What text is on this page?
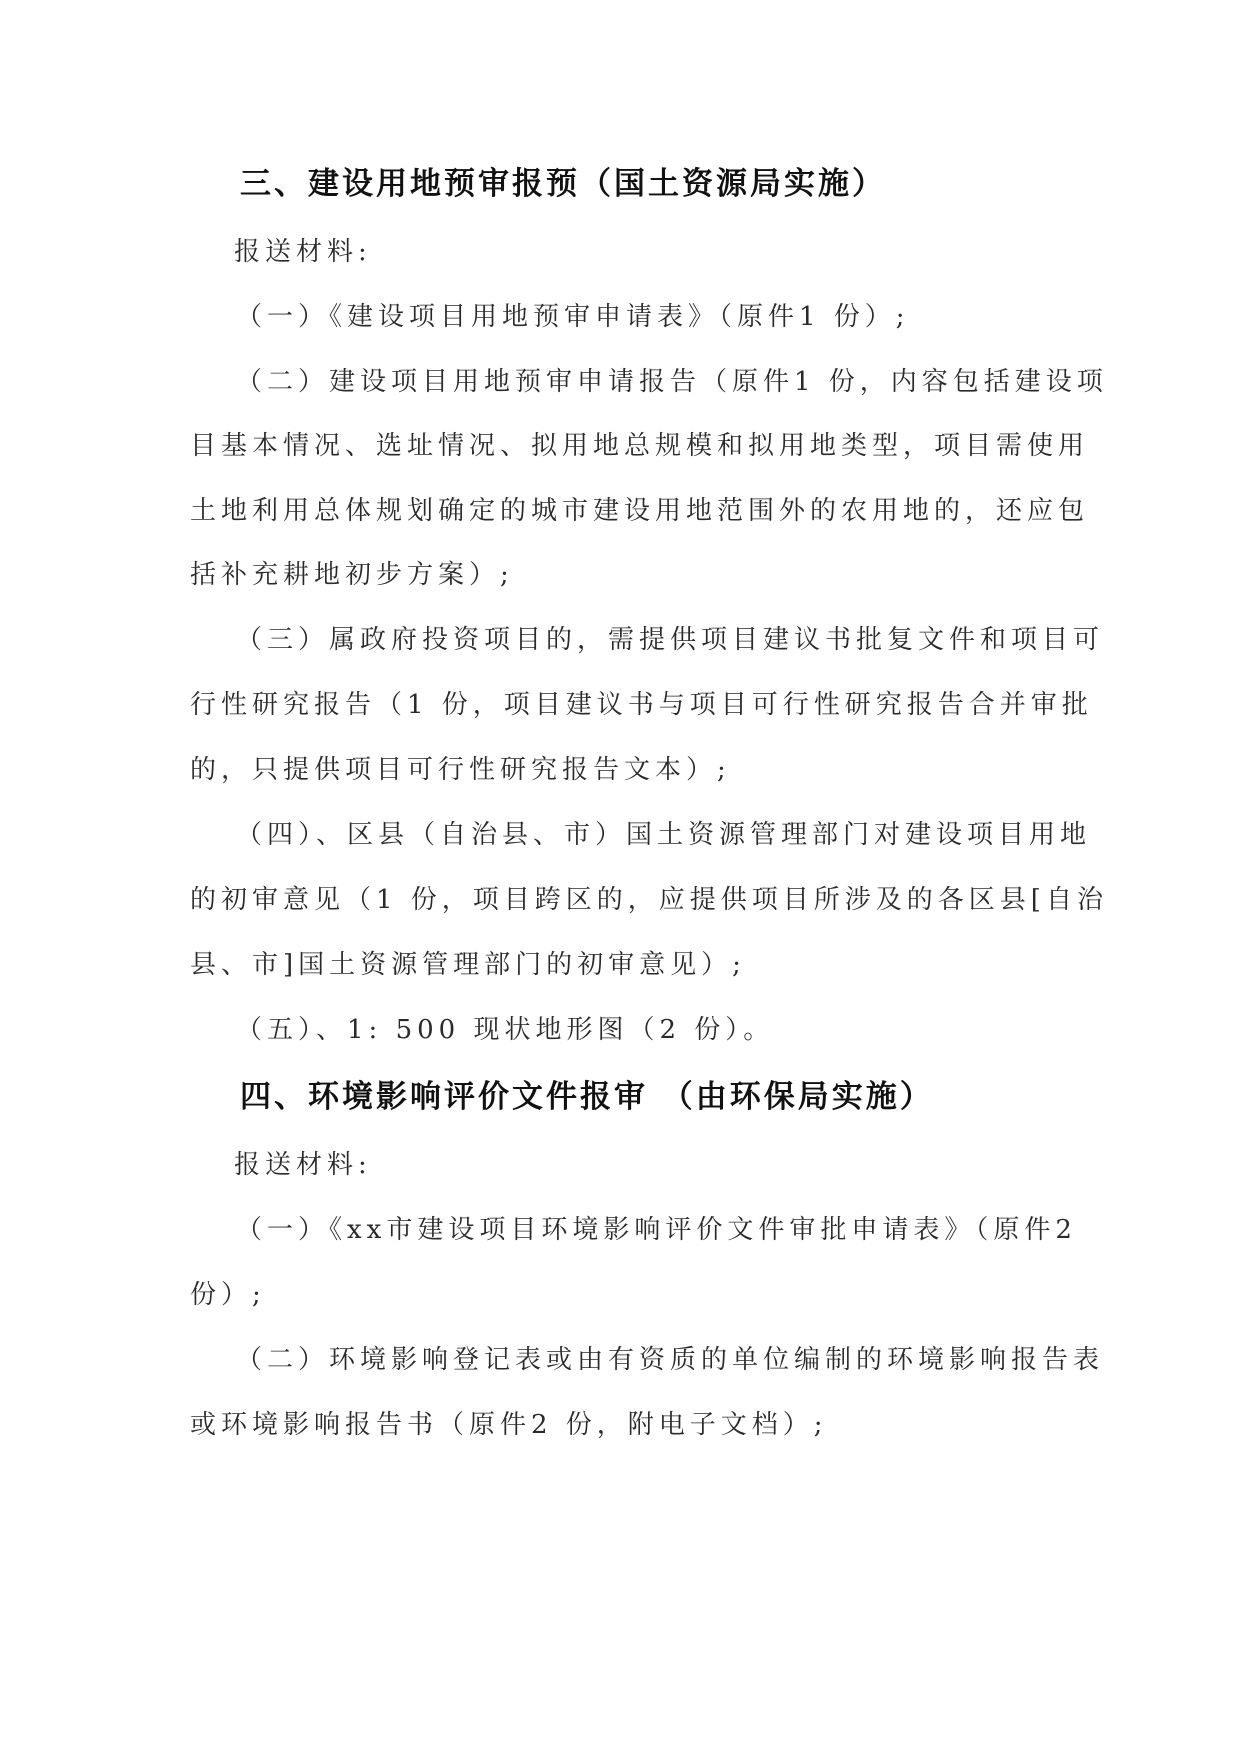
三、建设用地预审报预（国土资源局实施）
报送材料:
（一）《建设项目用地预审申请表》（原件1 份）;
（二）建设项目用地预审申请报告（原件1 份，内容包括建设项
目基本情况、选址情况、拟用地总规模和拟用地类型，项目需使用
土地利用总体规划确定的城市建设用地范围外的农用地的，还应包
括补充耕地初步方案）;
（三）属政府投资项目的，需提供项目建议书批复文件和项目可
行性研究报告（1 份，项目建议书与项目可行性研究报告合并审批
的，只提供项目可行性研究报告文本）;
（四）、区县（自治县、市）国土资源管理部门对建设项目用地
的初审意见（1 份，项目跨区的，应提供项目所涉及的各区县[自治
县、市]国土资源管理部门的初审意见）;
（五）、1: 500 现状地形图（2 份）。
四、环境影响评价文件报审 （由环保局实施）
报送材料:
（一）《xx市建设项目环境影响评价文件审批申请表》（原件2
份）;
（二）环境影响登记表或由有资质的单位编制的环境影响报告表
或环境影响报告书（原件2 份，附电子文档）;
